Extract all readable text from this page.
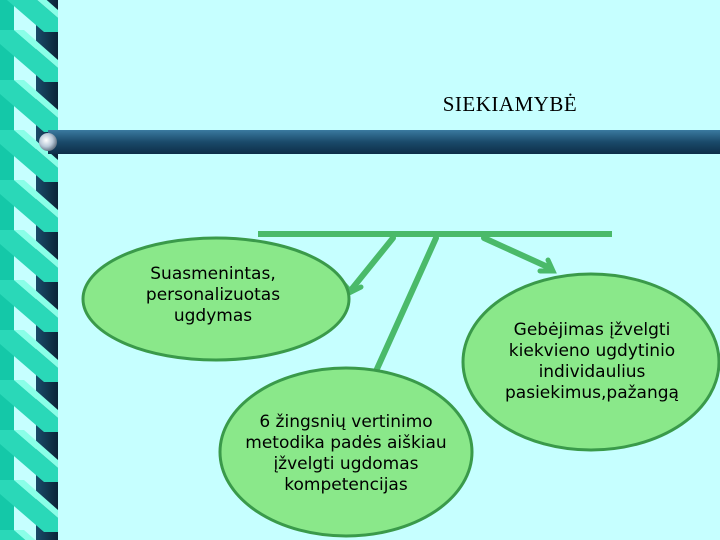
SIEKIAMYBĖ
Suasmenintas, personalizuotas ugdymas
6 žingsnių vertinimo metodika padės aiškiau įžvelgti ugdomas kompetencijas
Gebėjimas įžvelgti kiekvieno ugdytinio individaulius pasiekimus,pažangą
